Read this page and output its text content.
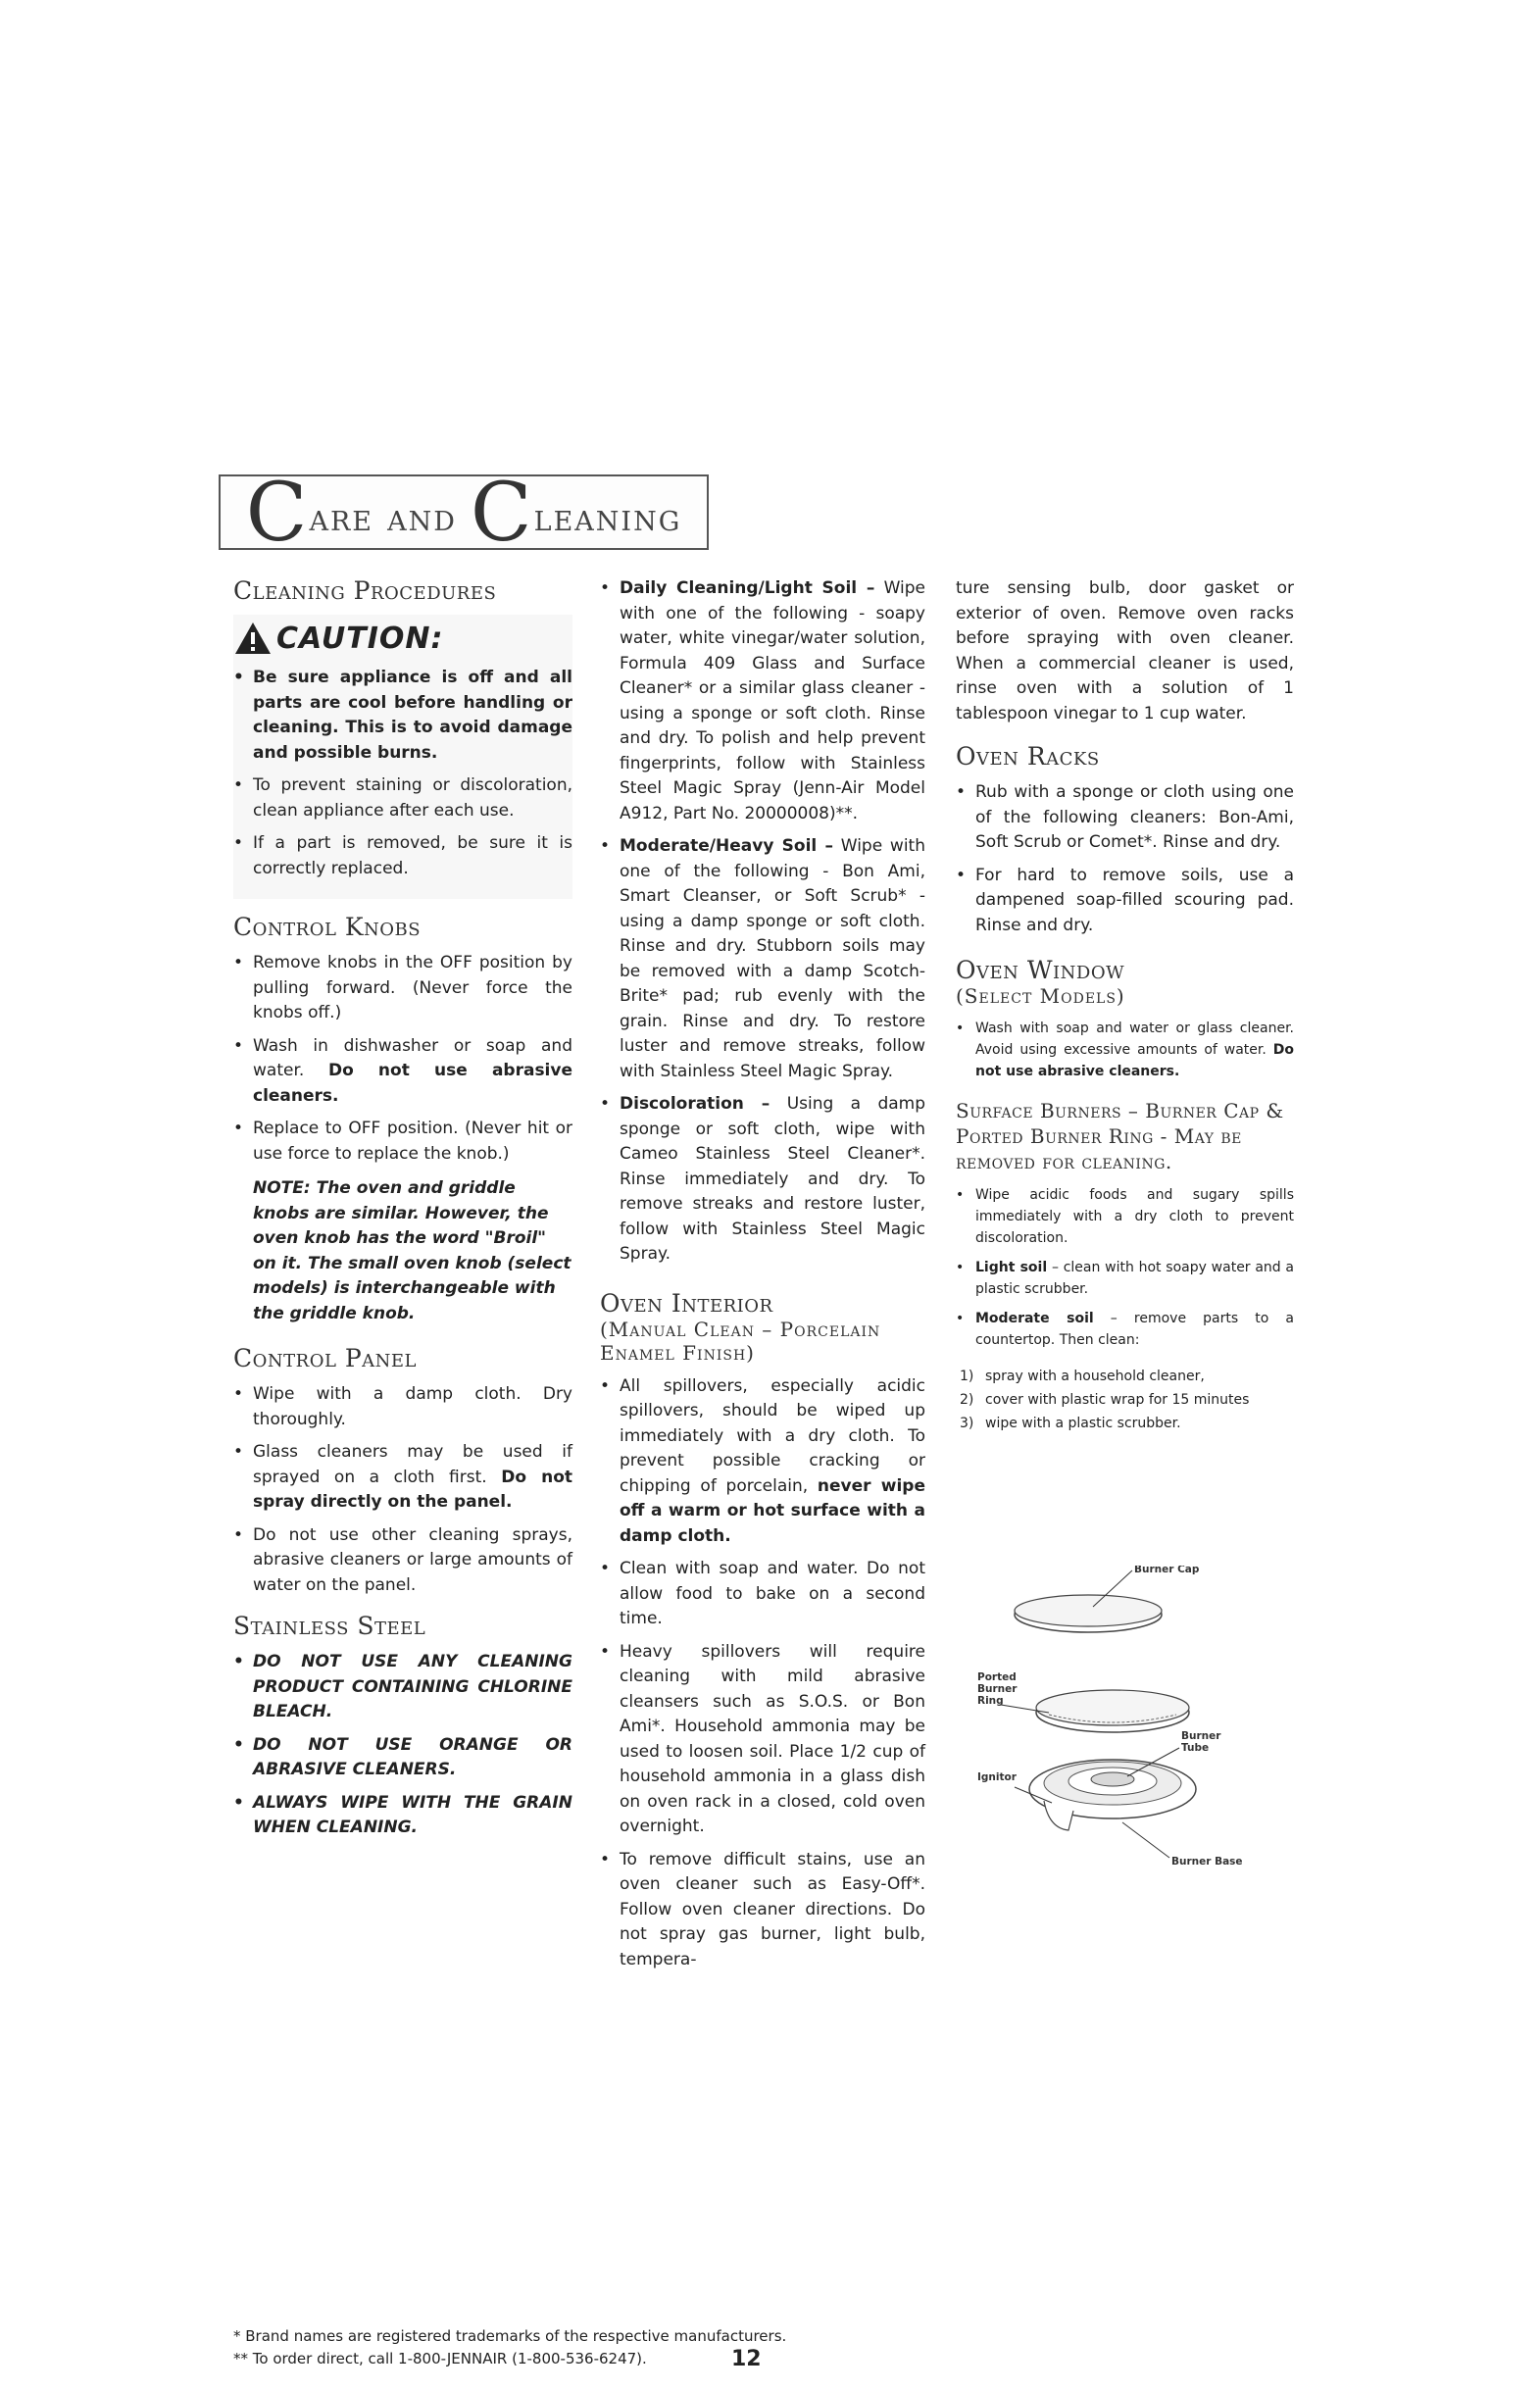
Care and Cleaning
Cleaning Procedures
CAUTION:
• Be sure appliance is off and all parts are cool before handling or cleaning. This is to avoid damage and possible burns.
• To prevent staining or discoloration, clean appliance after each use.
• If a part is removed, be sure it is correctly replaced.
Control Knobs
• Remove knobs in the OFF position by pulling forward. (Never force the knobs off.)
• Wash in dishwasher or soap and water. Do not use abrasive cleaners.
• Replace to OFF position. (Never hit or use force to replace the knob.)

NOTE: The oven and griddle knobs are similar. However, the oven knob has the word "Broil" on it. The small oven knob (select models) is interchangeable with the griddle knob.

Control Panel
• Wipe with a damp cloth. Dry thoroughly.
• Glass cleaners may be used if sprayed on a cloth first. Do not spray directly on the panel.
• Do not use other cleaning sprays, abrasive cleaners or large amounts of water on the panel.
Stainless Steel
• DO NOT USE ANY CLEANING PRODUCT CONTAINING CHLORINE BLEACH.
• DO NOT USE ORANGE OR ABRASIVE CLEANERS.
• ALWAYS WIPE WITH THE GRAIN WHEN CLEANING.
• Daily Cleaning/Light Soil – Wipe with one of the following - soapy water, white vinegar/water solution, Formula 409 Glass and Surface Cleaner* or a similar glass cleaner - using a sponge or soft cloth. Rinse and dry. To polish and help prevent fingerprints, follow with Stainless Steel Magic Spray (Jenn-Air Model A912, Part No. 20000008)**.
• Moderate/Heavy Soil – Wipe with one of the following - Bon Ami, Smart Cleanser, or Soft Scrub* - using a damp sponge or soft cloth. Rinse and dry. Stubborn soils may be removed with a damp Scotch-Brite* pad; rub evenly with the grain. Rinse and dry. To restore luster and remove streaks, follow with Stainless Steel Magic Spray.
• Discoloration – Using a damp sponge or soft cloth, wipe with Cameo Stainless Steel Cleaner*. Rinse immediately and dry. To remove streaks and restore luster, follow with Stainless Steel Magic Spray.
Oven Interior
(Manual Clean – Porcelain Enamel Finish)
• All spillovers, especially acidic spillovers, should be wiped up immediately with a dry cloth. To prevent possible cracking or chipping of porcelain, never wipe off a warm or hot surface with a damp cloth.
• Clean with soap and water. Do not allow food to bake on a second time.
• Heavy spillovers will require cleaning with mild abrasive cleansers such as S.O.S. or Bon Ami*. Household ammonia may be used to loosen soil. Place 1/2 cup of household ammonia in a glass dish on oven rack in a closed, cold oven overnight.
• To remove difficult stains, use an oven cleaner such as Easy-Off*. Follow oven cleaner directions. Do not spray gas burner, light bulb, tempera-

ture sensing bulb, door gasket or exterior of oven. Remove oven racks before spraying with oven cleaner. When a commercial cleaner is used, rinse oven with a solution of 1 tablespoon vinegar to 1 cup water.

Oven Racks
• Rub with a sponge or cloth using one of the following cleaners: Bon-Ami, Soft Scrub or Comet*. Rinse and dry.
• For hard to remove soils, use a dampened soap-filled scouring pad. Rinse and dry.
Oven Window
(Select Models)
• Wash with soap and water or glass cleaner. Avoid using excessive amounts of water. Do not use abrasive cleaners.
Surface Burners – Burner Cap & Ported Burner Ring - May be removed for cleaning.
• Wipe acidic foods and sugary spills immediately with a dry cloth to prevent discoloration.
• Light soil – clean with hot soapy water and a plastic scrubber.
• Moderate soil – remove parts to a countertop. Then clean:
1) spray with a household cleaner,
2) cover with plastic wrap for 15 minutes
3) wipe with a plastic scrubber.
Burner Cap
Ported
Burner
Ring
Burner
Tube
Ignitor
Burner Base
* Brand names are registered trademarks of the respective manufacturers.
** To order direct, call 1-800-JENNAIR (1-800-536-6247).	12
